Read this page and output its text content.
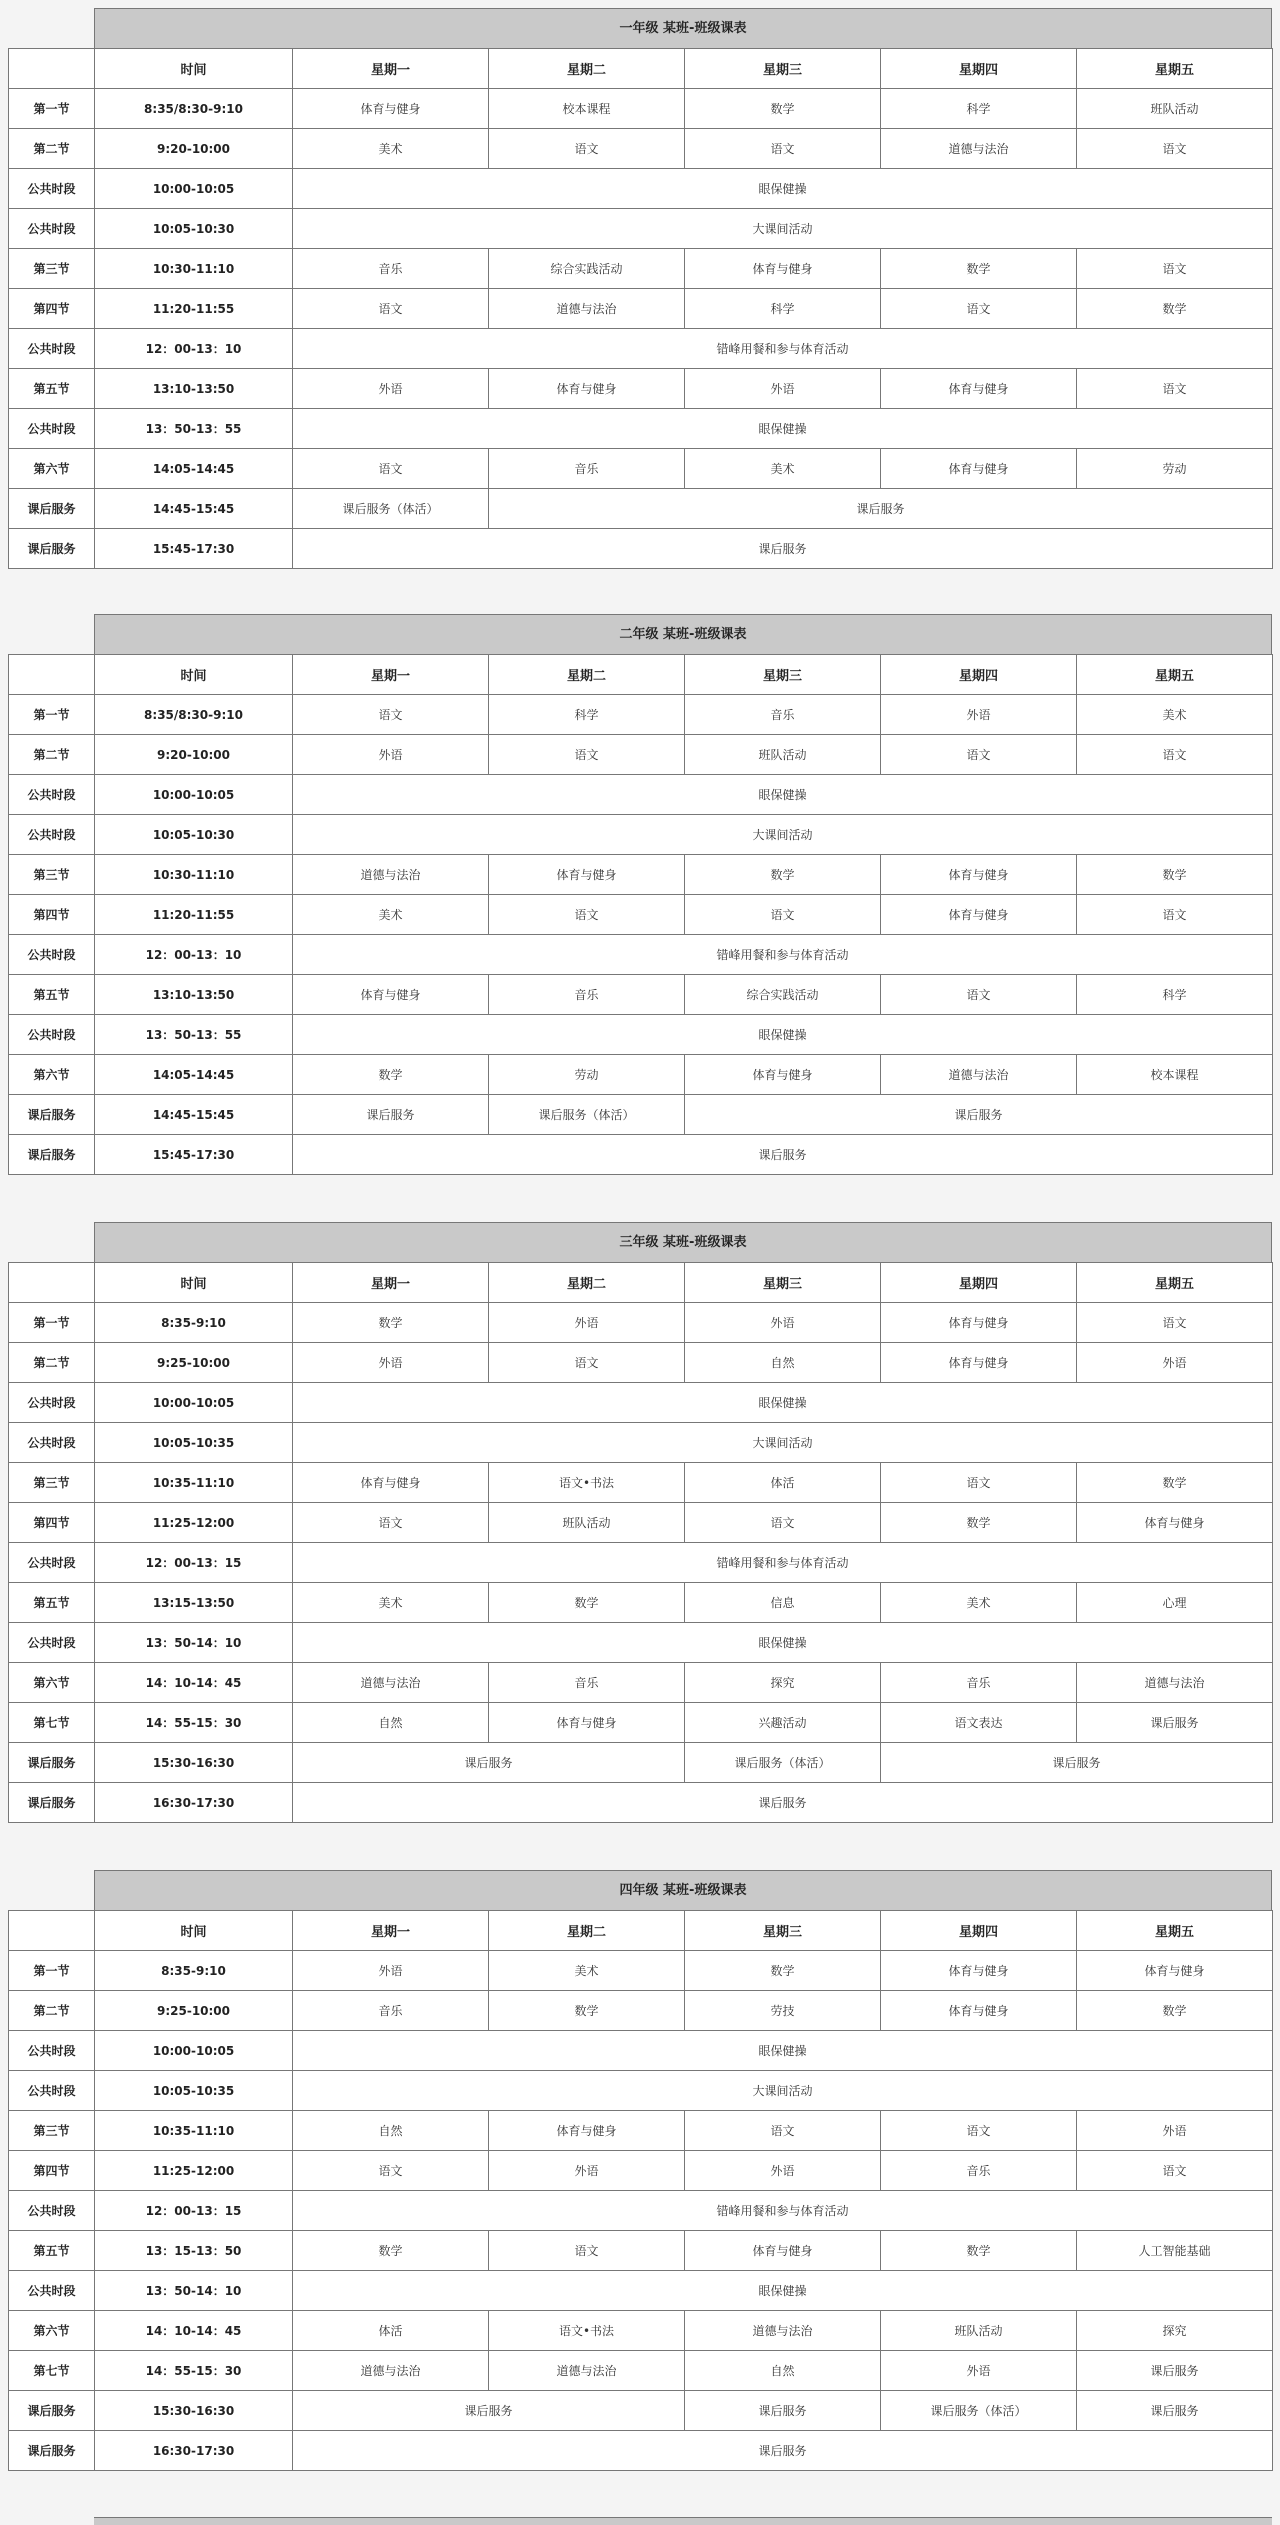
一年级 某班-班级课表
	时间	星期一	星期二	星期三	星期四	星期五
第一节	8:35/8:30-9:10	体育与健身	校本课程	数学	科学	班队活动
第二节	9:20-10:00	美术	语文	语文	道德与法治	语文
公共时段	10:00-10:05	眼保健操				
公共时段	10:05-10:30	大课间活动				
第三节	10:30-11:10	音乐	综合实践活动	体育与健身	数学	语文
第四节	11:20-11:55	语文	道德与法治	科学	语文	数学
公共时段	12：00-13：10	错峰用餐和参与体育活动				
第五节	13:10-13:50	外语	体育与健身	外语	体育与健身	语文
公共时段	13：50-13：55	眼保健操				
第六节	14:05-14:45	语文	音乐	美术	体育与健身	劳动
课后服务	14:45-15:45	课后服务（体活）	课后服务			
课后服务	15:45-17:30	课后服务				
二年级 某班-班级课表
	时间	星期一	星期二	星期三	星期四	星期五
第一节	8:35/8:30-9:10	语文	科学	音乐	外语	美术
第二节	9:20-10:00	外语	语文	班队活动	语文	语文
公共时段	10:00-10:05	眼保健操				
公共时段	10:05-10:30	大课间活动				
第三节	10:30-11:10	道德与法治	体育与健身	数学	体育与健身	数学
第四节	11:20-11:55	美术	语文	语文	体育与健身	语文
公共时段	12：00-13：10	错峰用餐和参与体育活动				
第五节	13:10-13:50	体育与健身	音乐	综合实践活动	语文	科学
公共时段	13：50-13：55	眼保健操				
第六节	14:05-14:45	数学	劳动	体育与健身	道德与法治	校本课程
课后服务	14:45-15:45	课后服务	课后服务（体活）	课后服务		
课后服务	15:45-17:30	课后服务				
三年级 某班-班级课表
	时间	星期一	星期二	星期三	星期四	星期五
第一节	8:35-9:10	数学	外语	外语	体育与健身	语文
第二节	9:25-10:00	外语	语文	自然	体育与健身	外语
公共时段	10:00-10:05	眼保健操				
公共时段	10:05-10:35	大课间活动				
第三节	10:35-11:10	体育与健身	语文•书法	体活	语文	数学
第四节	11:25-12:00	语文	班队活动	语文	数学	体育与健身
公共时段	12：00-13：15	错峰用餐和参与体育活动				
第五节	13:15-13:50	美术	数学	信息	美术	心理
公共时段	13：50-14：10	眼保健操				
第六节	14：10-14：45	道德与法治	音乐	探究	音乐	道德与法治
第七节	14：55-15：30	自然	体育与健身	兴趣活动	语文表达	课后服务
课后服务	15:30-16:30	课后服务		课后服务（体活）	课后服务	
课后服务	16:30-17:30	课后服务				
四年级 某班-班级课表
	时间	星期一	星期二	星期三	星期四	星期五
第一节	8:35-9:10	外语	美术	数学	体育与健身	体育与健身
第二节	9:25-10:00	音乐	数学	劳技	体育与健身	数学
公共时段	10:00-10:05	眼保健操				
公共时段	10:05-10:35	大课间活动				
第三节	10:35-11:10	自然	体育与健身	语文	语文	外语
第四节	11:25-12:00	语文	外语	外语	音乐	语文
公共时段	12：00-13：15	错峰用餐和参与体育活动				
第五节	13：15-13：50	数学	语文	体育与健身	数学	人工智能基础
公共时段	13：50-14：10	眼保健操				
第六节	14：10-14：45	体活	语文•书法	道德与法治	班队活动	探究
第七节	14：55-15：30	道德与法治	道德与法治	自然	外语	课后服务
课后服务	15:30-16:30	课后服务		课后服务	课后服务（体活）	课后服务
课后服务	16:30-17:30	课后服务				
